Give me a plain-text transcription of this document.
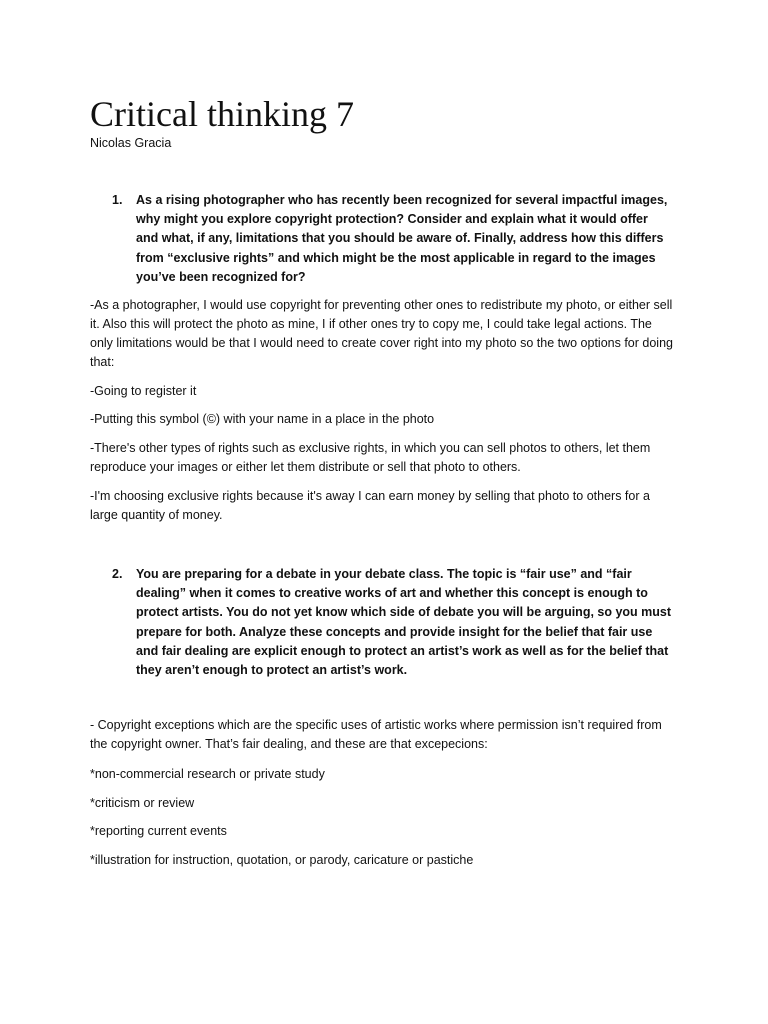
Critical thinking 7

Nicolas Gracia

1. As a rising photographer who has recently been recognized for several impactful images, why might you explore copyright protection? Consider and explain what it would offer and what, if any, limitations that you should be aware of. Finally, address how this differs from “exclusive rights” and which might be the most applicable in regard to the images you’ve been recognized for?

-As a photographer, I would use copyright for preventing other ones to redistribute my photo, or either sell it. Also this will protect the photo as mine, I if other ones try to copy me, I could take legal actions. The only limitations would be that I would need to create cover right into my photo so the two options for doing that:

-Going to register it

-Putting this symbol (©) with your name in a place in the photo

-There's other types of rights such as exclusive rights, in which you can sell photos to others, let them reproduce your images or either let them distribute or sell that photo to others.

-I'm choosing exclusive rights because it's away I can earn money by selling that photo to others for a large quantity of money.

2. You are preparing for a debate in your debate class. The topic is “fair use” and “fair dealing” when it comes to creative works of art and whether this concept is enough to protect artists. You do not yet know which side of debate you will be arguing, so you must prepare for both. Analyze these concepts and provide insight for the belief that fair use and fair dealing are explicit enough to protect an artist’s work as well as for the belief that they aren’t enough to protect an artist’s work.

- Copyright exceptions which are the specific uses of artistic works where permission isn’t required from the copyright owner. That’s fair dealing, and these are that excepecions:

*non-commercial research or private study

*criticism or review

*reporting current events

*illustration for instruction, quotation, or parody, caricature or pastiche
